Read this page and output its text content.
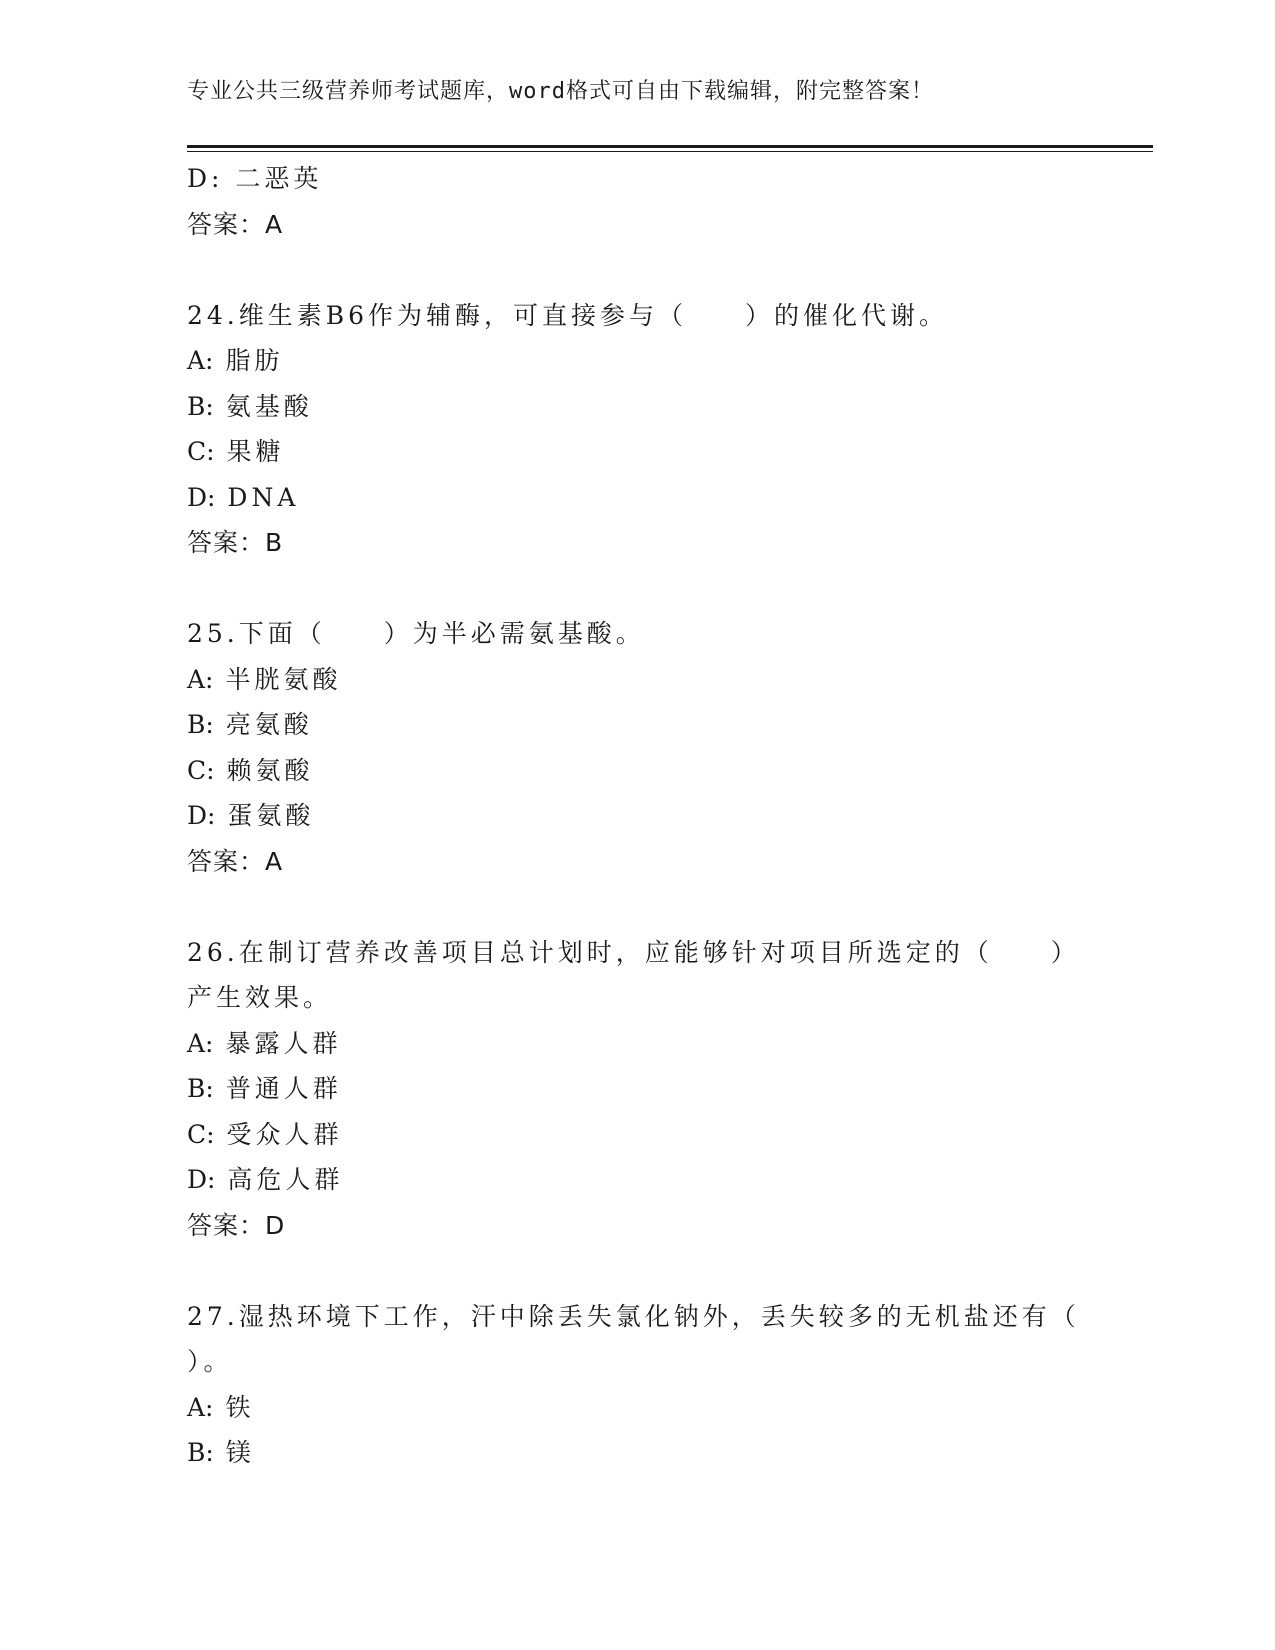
专业公共三级营养师考试题库，word格式可自由下载编辑，附完整答案！
D: 二恶英
答案：A
24.维生素B6作为辅酶，可直接参与（　　）的催化代谢。
A: 脂肪
B: 氨基酸
C: 果糖
D: DNA
答案：B
25.下面（　　）为半必需氨基酸。
A: 半胱氨酸
B: 亮氨酸
C: 赖氨酸
D: 蛋氨酸
答案：A
26.在制订营养改善项目总计划时，应能够针对项目所选定的（　　）
产生效果。
A: 暴露人群
B: 普通人群
C: 受众人群
D: 高危人群
答案：D
27.湿热环境下工作，汗中除丢失氯化钠外，丢失较多的无机盐还有（
）。
A: 铁
B: 镁
